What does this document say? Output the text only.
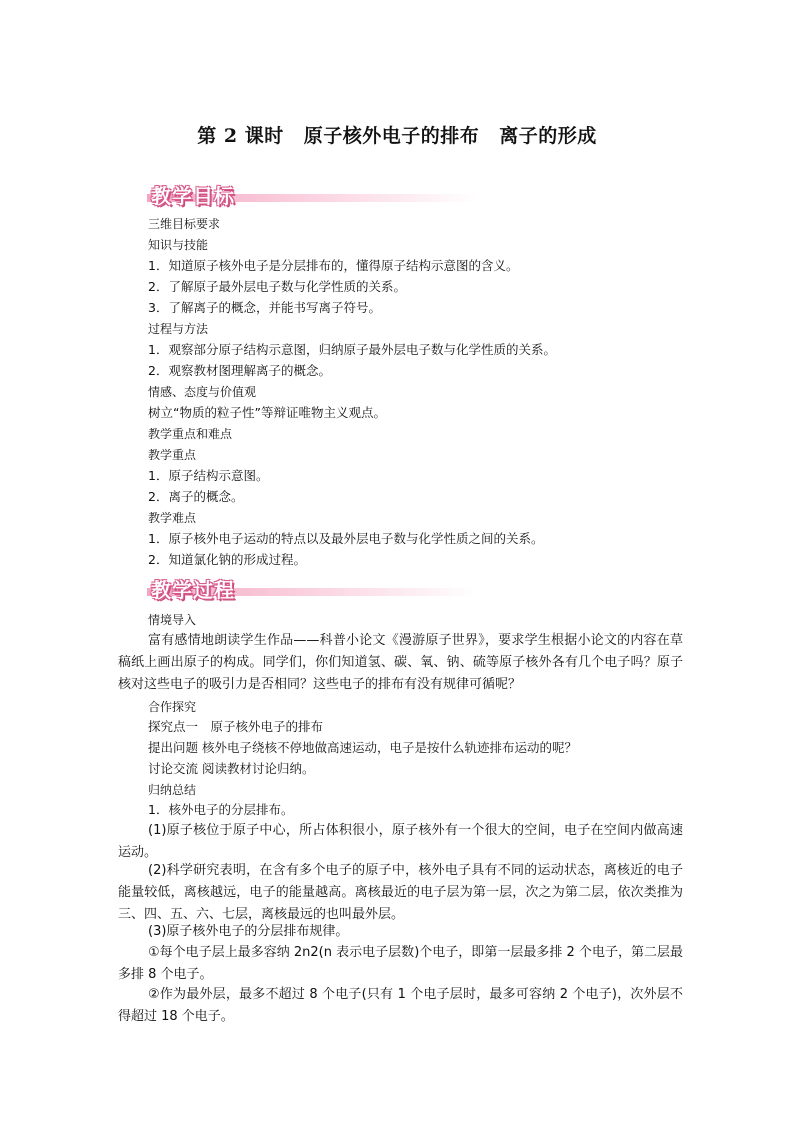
第 2 课时 原子核外电子的排布 离子的形成
教学目标
三维目标要求
知识与技能
1．知道原子核外电子是分层排布的，懂得原子结构示意图的含义。
2．了解原子最外层电子数与化学性质的关系。
3．了解离子的概念，并能书写离子符号。
过程与方法
1．观察部分原子结构示意图，归纳原子最外层电子数与化学性质的关系。
2．观察教材图理解离子的概念。
情感、态度与价值观
树立“物质的粒子性”等辩证唯物主义观点。
教学重点和难点
教学重点
1．原子结构示意图。
2．离子的概念。
教学难点
1．原子核外电子运动的特点以及最外层电子数与化学性质之间的关系。
2．知道氯化钠的形成过程。
教学过程
情境导入
富有感情地朗读学生作品——科普小论文《漫游原子世界》，要求学生根据小论文的内容在草稿纸上画出原子的构成。同学们，你们知道氢、碳、氧、钠、硫等原子核外各有几个电子吗？原子核对这些电子的吸引力是否相同？这些电子的排布有没有规律可循呢？
合作探究
探究点一　原子核外电子的排布
提出问题 核外电子绕核不停地做高速运动，电子是按什么轨迹排布运动的呢？
讨论交流 阅读教材讨论归纳。
归纳总结
1．核外电子的分层排布。
(1)原子核位于原子中心，所占体积很小，原子核外有一个很大的空间，电子在空间内做高速运动。
(2)科学研究表明，在含有多个电子的原子中，核外电子具有不同的运动状态，离核近的电子能量较低，离核越远，电子的能量越高。离核最近的电子层为第一层，次之为第二层，依次类推为三、四、五、六、七层，离核最远的也叫最外层。
(3)原子核外电子的分层排布规律。
①每个电子层上最多容纳 2n2(n 表示电子层数)个电子，即第一层最多排 2 个电子，第二层最多排 8 个电子。
②作为最外层，最多不超过 8 个电子(只有 1 个电子层时，最多可容纳 2 个电子)，次外层不得超过 18 个电子。
